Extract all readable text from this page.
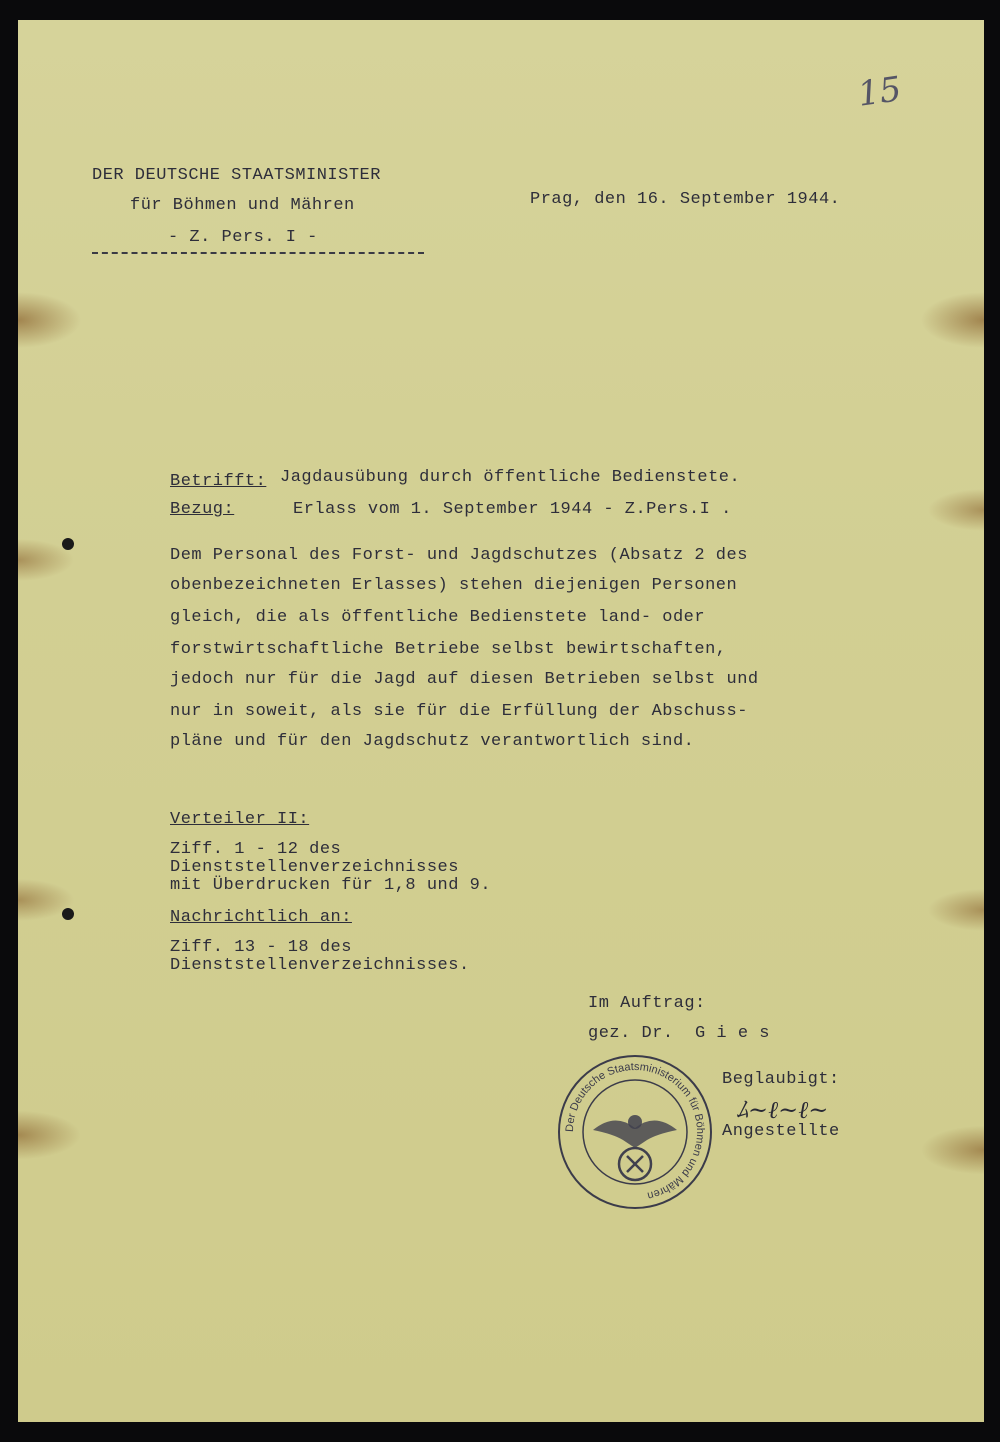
15
DER DEUTSCHE STAATSMINISTER
für Böhmen und Mähren
- Z. Pers. I -
Prag, den 16. September 1944.
Betrifft: Jagdausübung durch öffentliche Bedienstete.
Bezug:	Erlass vom 1. September 1944 - Z.Pers.I .
Dem Personal des Forst- und Jagdschutzes (Absatz 2 des
obenbezeichneten Erlasses) stehen diejenigen Personen
gleich, die als öffentliche Bedienstete land- oder
forstwirtschaftliche Betriebe selbst bewirtschaften,
jedoch nur für die Jagd auf diesen Betrieben selbst und
nur in soweit, als sie für die Erfüllung der Abschuss-
pläne und für den Jagdschutz verantwortlich sind.
Verteiler II:
Ziff. 1 - 12 des
Dienststellenverzeichnisses
mit Überdrucken für 1,8 und 9.
Nachrichtlich an:
Ziff. 13 - 18 des
Dienststellenverzeichnisses.
Im Auftrag:
gez. Dr.  G i e s
Beglaubigt:
ﾑ~ℓ~ℓ~
Angestellte
Der Deutsche Staatsministerium für Böhmen und Mähren
